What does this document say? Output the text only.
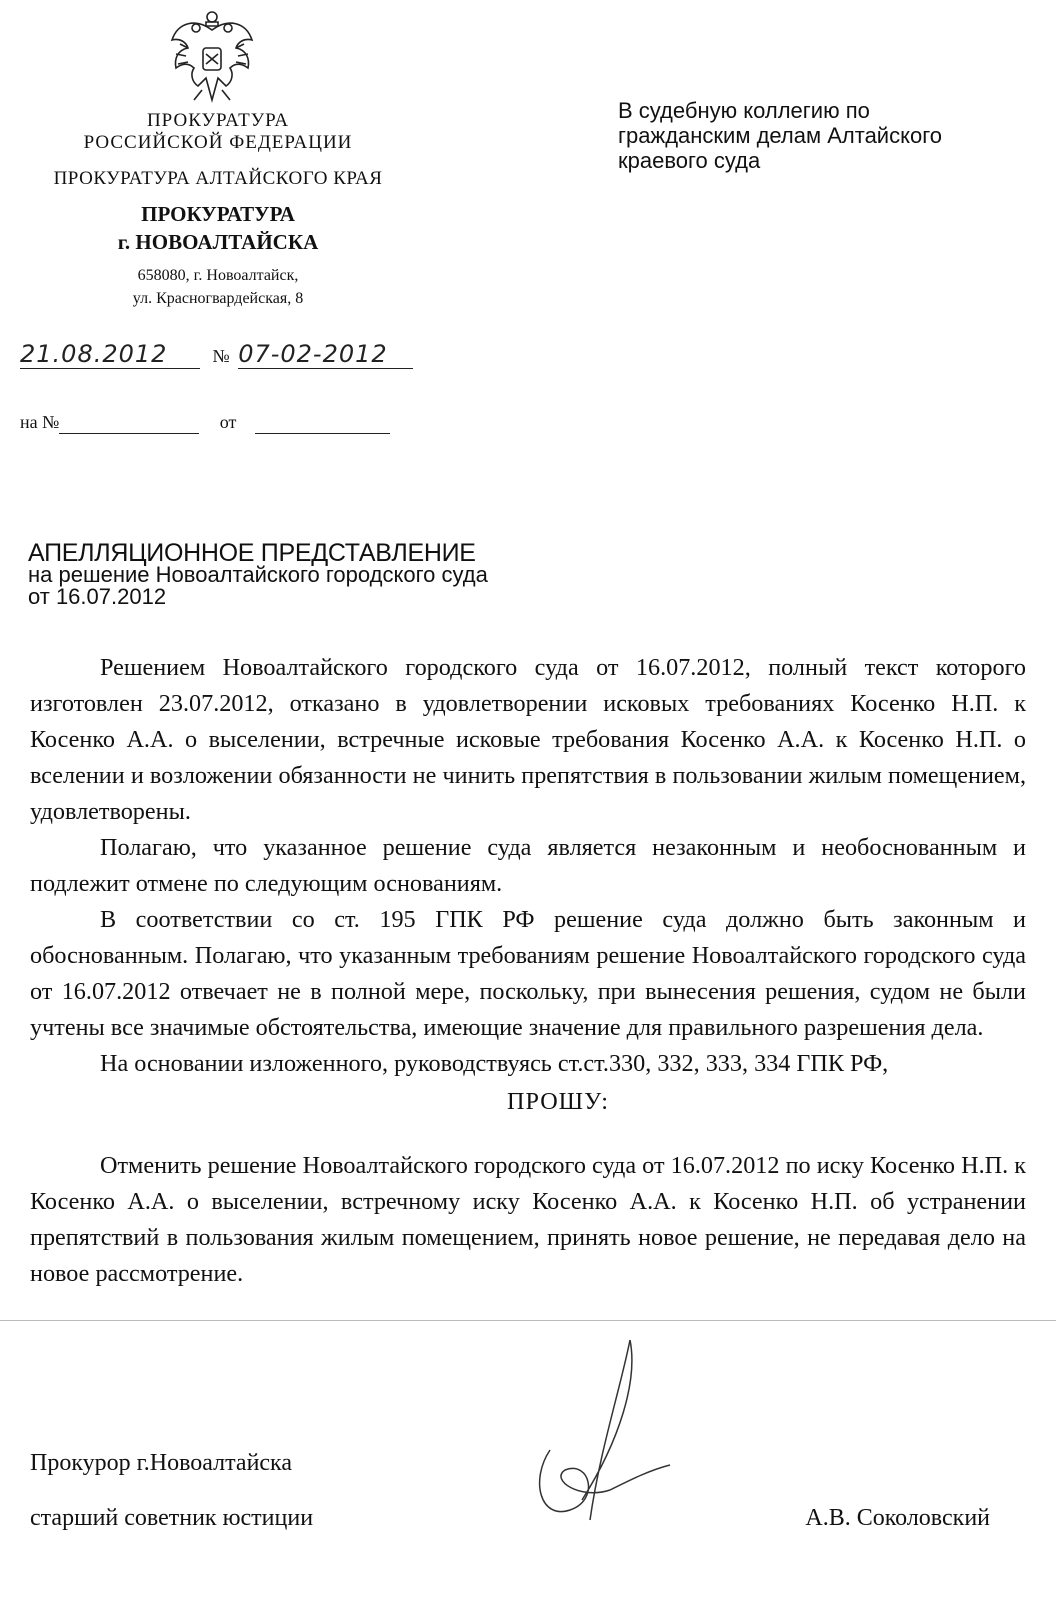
ПРОКУРАТУРА
РОССИЙСКОЙ ФЕДЕРАЦИИ
ПРОКУРАТУРА АЛТАЙСКОГО КРАЯ
ПРОКУРАТУРА
г. НОВОАЛТАЙСКА
658080, г. Новоалтайск,
ул. Красногвардейская, 8
21.08.2012	№ 07-02-2012
на №	от
В судебную коллегию по
гражданским делам Алтайского
краевого суда
АПЕЛЛЯЦИОННОЕ ПРЕДСТАВЛЕНИЕ
на решение Новоалтайского городского суда
от 16.07.2012

Решением Новоалтайского городского суда от 16.07.2012, полный текст которого изготовлен 23.07.2012, отказано в удовлетворении исковых требованиях Косенко Н.П. к Косенко А.А. о выселении, встречные исковые требования Косенко А.А. к Косенко Н.П. о вселении и возложении обязанности не чинить препятствия в пользовании жилым помещением, удовлетворены.

Полагаю, что указанное решение суда является незаконным и необоснованным и подлежит отмене по следующим основаниям.

В соответствии со ст. 195 ГПК РФ решение суда должно быть законным и обоснованным. Полагаю, что указанным требованиям решение Новоалтайского городского суда от 16.07.2012 отвечает не в полной мере, поскольку, при вынесения решения, судом не были учтены все значимые обстоятельства, имеющие значение для правильного разрешения дела.

На основании изложенного, руководствуясь ст.ст.330, 332, 333, 334 ГПК РФ,

ПРОШУ:

Отменить решение Новоалтайского городского суда от 16.07.2012 по иску Косенко Н.П. к Косенко А.А. о выселении, встречному иску Косенко А.А. к Косенко Н.П. об устранении препятствий в пользования жилым помещением, принять новое решение, не передавая дело на новое рассмотрение.

Прокурор г.Новоалтайска
старший советник юстиции	А.В. Соколовский
